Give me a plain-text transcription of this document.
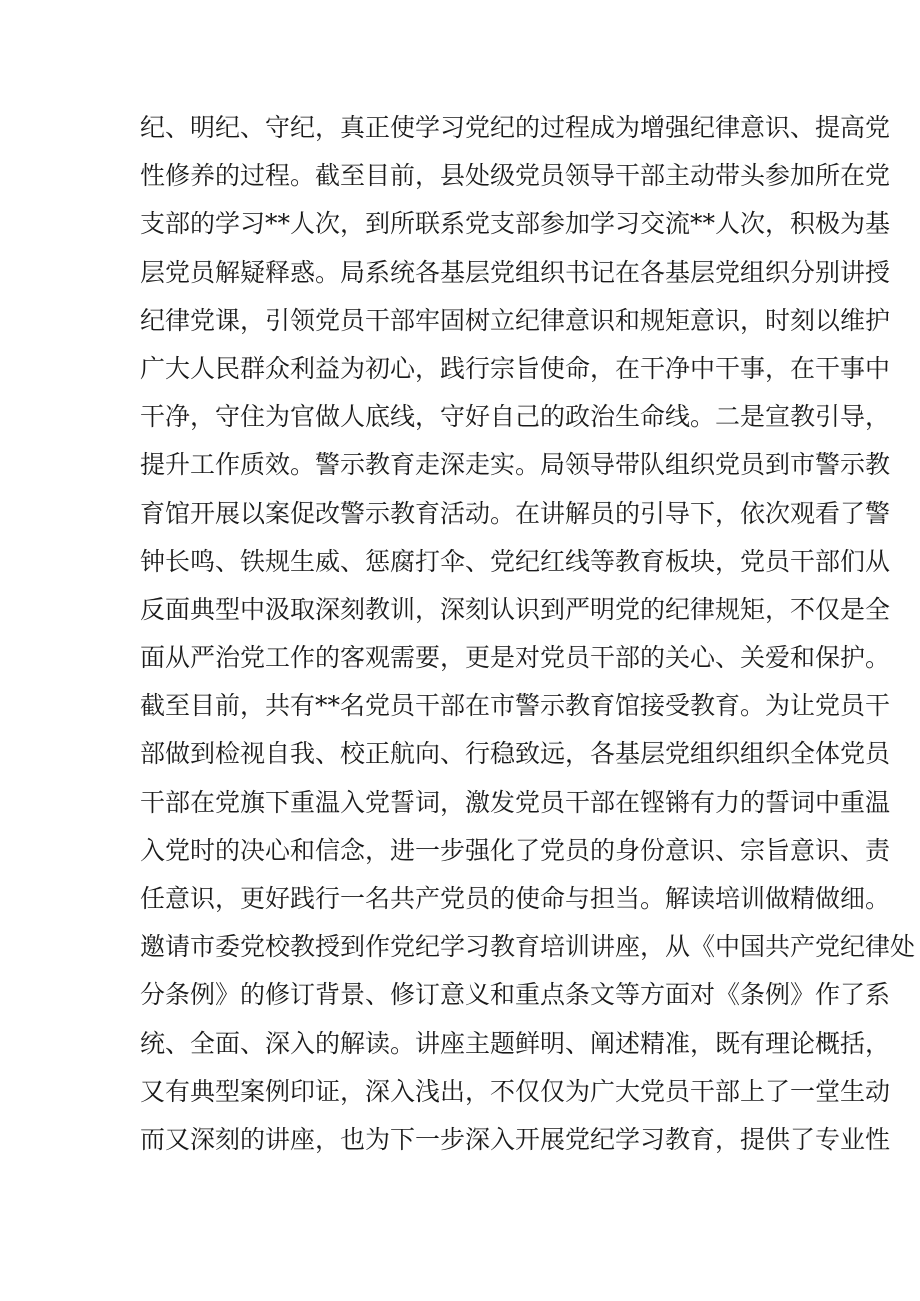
纪、明纪、守纪，真正使学习党纪的过程成为增强纪律意识、提高党
性修养的过程。截至目前，县处级党员领导干部主动带头参加所在党
支部的学习**人次，到所联系党支部参加学习交流**人次，积极为基
层党员解疑释惑。局系统各基层党组织书记在各基层党组织分别讲授
纪律党课，引领党员干部牢固树立纪律意识和规矩意识，时刻以维护
广大人民群众利益为初心，践行宗旨使命，在干净中干事，在干事中
干净，守住为官做人底线，守好自己的政治生命线。二是宣教引导，
提升工作质效。警示教育走深走实。局领导带队组织党员到市警示教
育馆开展以案促改警示教育活动。在讲解员的引导下，依次观看了警
钟长鸣、铁规生威、惩腐打伞、党纪红线等教育板块，党员干部们从
反面典型中汲取深刻教训，深刻认识到严明党的纪律规矩，不仅是全
面从严治党工作的客观需要，更是对党员干部的关心、关爱和保护。
截至目前，共有**名党员干部在市警示教育馆接受教育。为让党员干
部做到检视自我、校正航向、行稳致远，各基层党组织组织全体党员
干部在党旗下重温入党誓词，激发党员干部在铿锵有力的誓词中重温
入党时的决心和信念，进一步强化了党员的身份意识、宗旨意识、责
任意识，更好践行一名共产党员的使命与担当。解读培训做精做细。
邀请市委党校教授到作党纪学习教育培训讲座，从《中国共产党纪律处
分条例》的修订背景、修订意义和重点条文等方面对《条例》作了系
统、全面、深入的解读。讲座主题鲜明、阐述精准，既有理论概括，
又有典型案例印证，深入浅出，不仅仅为广大党员干部上了一堂生动
而又深刻的讲座，也为下一步深入开展党纪学习教育，提供了专业性
